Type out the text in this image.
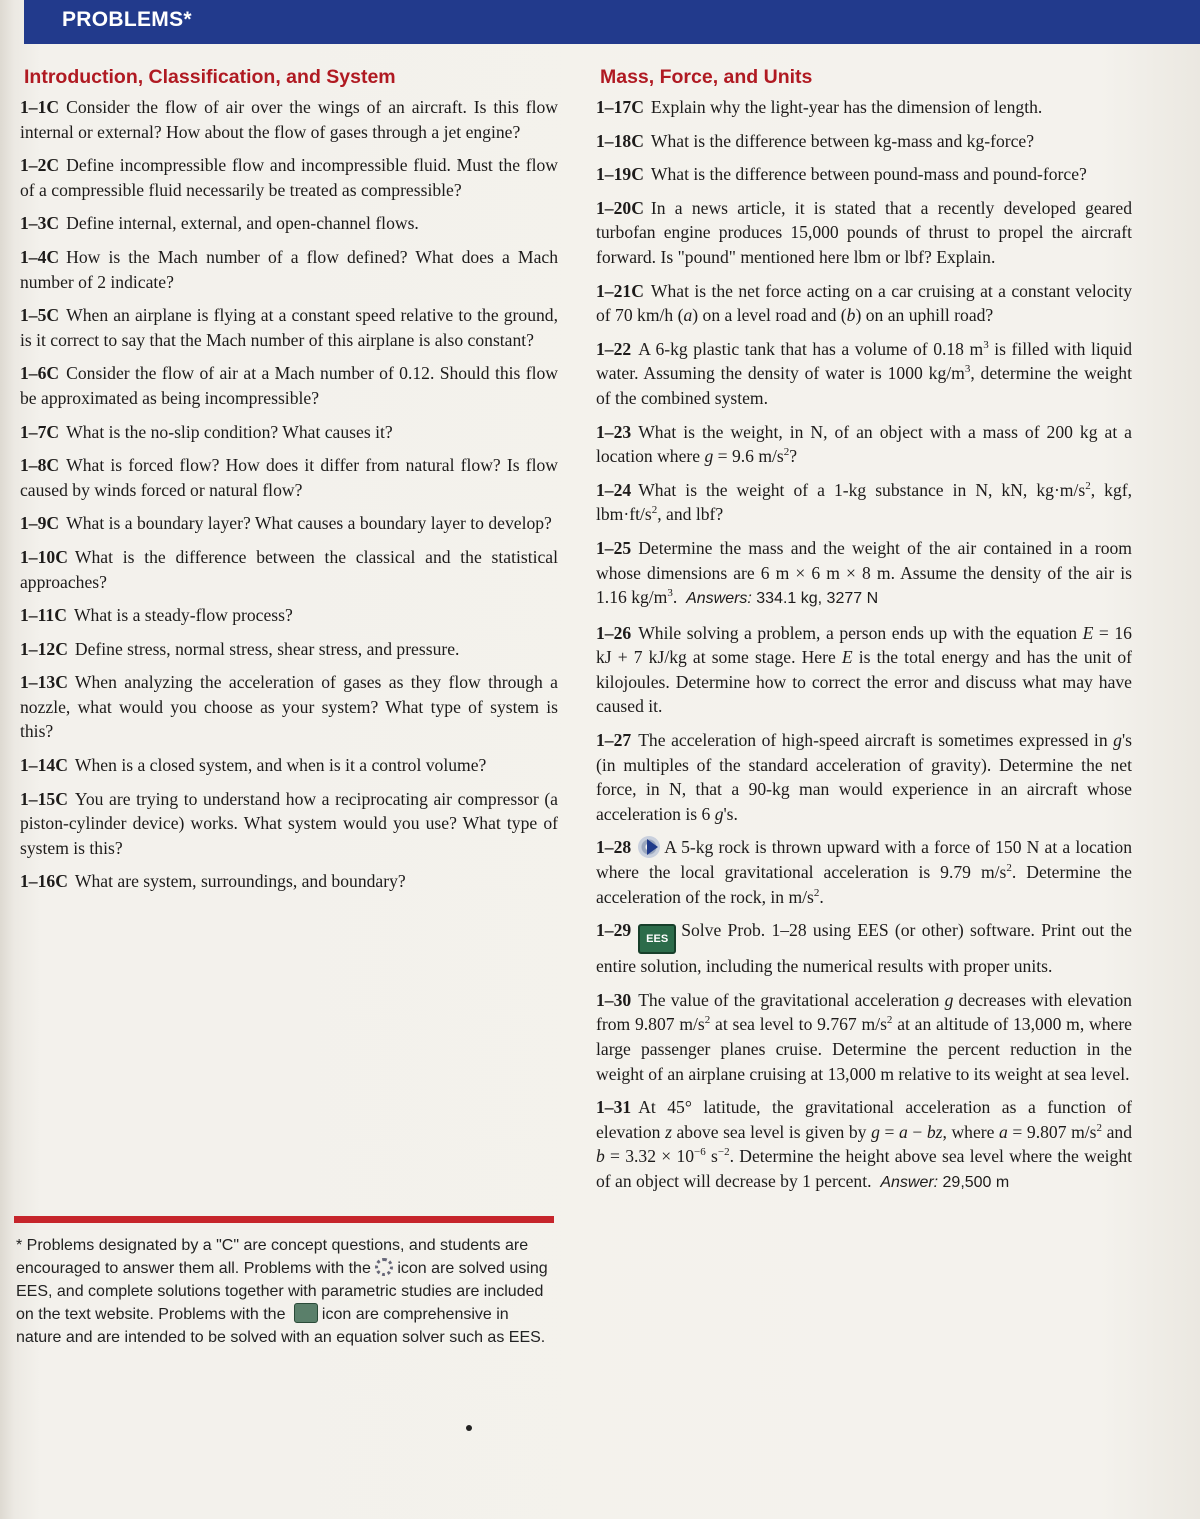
PROBLEMS*
Introduction, Classification, and System

1–1C Consider the flow of air over the wings of an aircraft. Is this flow internal or external? How about the flow of gases through a jet engine?

1–2C Define incompressible flow and incompressible fluid. Must the flow of a compressible fluid necessarily be treated as compressible?

1–3C Define internal, external, and open-channel flows.

1–4C How is the Mach number of a flow defined? What does a Mach number of 2 indicate?

1–5C When an airplane is flying at a constant speed relative to the ground, is it correct to say that the Mach number of this airplane is also constant?

1–6C Consider the flow of air at a Mach number of 0.12. Should this flow be approximated as being incompressible?

1–7C What is the no-slip condition? What causes it?

1–8C What is forced flow? How does it differ from natural flow? Is flow caused by winds forced or natural flow?

1–9C What is a boundary layer? What causes a boundary layer to develop?

1–10C What is the difference between the classical and the statistical approaches?

1–11C What is a steady-flow process?

1–12C Define stress, normal stress, shear stress, and pressure.

1–13C When analyzing the acceleration of gases as they flow through a nozzle, what would you choose as your system? What type of system is this?

1–14C When is a closed system, and when is it a control volume?

1–15C You are trying to understand how a reciprocating air compressor (a piston-cylinder device) works. What system would you use? What type of system is this?

1–16C What are system, surroundings, and boundary?

* Problems designated by a "C" are concept questions, and students are encouraged to answer them all. Problems with the icon are solved using EES, and complete solutions together with parametric studies are included on the text website. Problems with the icon are comprehensive in nature and are intended to be solved with an equation solver such as EES.
Mass, Force, and Units

1–17C Explain why the light-year has the dimension of length.

1–18C What is the difference between kg-mass and kg-force?

1–19C What is the difference between pound-mass and pound-force?

1–20C In a news article, it is stated that a recently developed geared turbofan engine produces 15,000 pounds of thrust to propel the aircraft forward. Is "pound" mentioned here lbm or lbf? Explain.

1–21C What is the net force acting on a car cruising at a constant velocity of 70 km/h (a) on a level road and (b) on an uphill road?

1–22 A 6-kg plastic tank that has a volume of 0.18 $m^3$ is filled with liquid water. Assuming the density of water is 1000 $kg/m^3$, determine the weight of the combined system.

1–23 What is the weight, in N, of an object with a mass of 200 kg at a location where g = 9.6 $m/s^2$?

1–24 What is the weight of a 1-kg substance in N, kN, $kg\cdot m/s^2$, kgf, $lbm\cdot ft/s^2$, and lbf?

1–25 Determine the mass and the weight of the air contained in a room whose dimensions are 6 m × 6 m × 8 m. Assume the density of the air is 1.16 $kg/m^3$. Answers: 334.1 kg, 3277 N

1–26 While solving a problem, a person ends up with the equation E = 16 kJ + 7 kJ/kg at some stage. Here E is the total energy and has the unit of kilojoules. Determine how to correct the error and discuss what may have caused it.

1–27 The acceleration of high-speed aircraft is sometimes expressed in g's (in multiples of the standard acceleration of gravity). Determine the net force, in N, that a 90-kg man would experience in an aircraft whose acceleration is 6 g's.

1–28 A 5-kg rock is thrown upward with a force of 150 N at a location where the local gravitational acceleration is 9.79 $m/s^2$. Determine the acceleration of the rock, in $m/s^2$.

1–29 EES Solve Prob. 1–28 using EES (or other) software. Print out the entire solution, including the numerical results with proper units.

1–30 The value of the gravitational acceleration g decreases with elevation from 9.807 $m/s^2$ at sea level to 9.767 $m/s^2$ at an altitude of 13,000 m, where large passenger planes cruise. Determine the percent reduction in the weight of an airplane cruising at 13,000 m relative to its weight at sea level.

1–31 At 45° latitude, the gravitational acceleration as a function of elevation z above sea level is given by g = a − bz, where a = 9.807 $m/s^2$ and $b = 3.32 \times 10^{-6}$ $s^{-2}$. Determine the height above sea level where the weight of an object will decrease by 1 percent. Answer: 29,500 m
